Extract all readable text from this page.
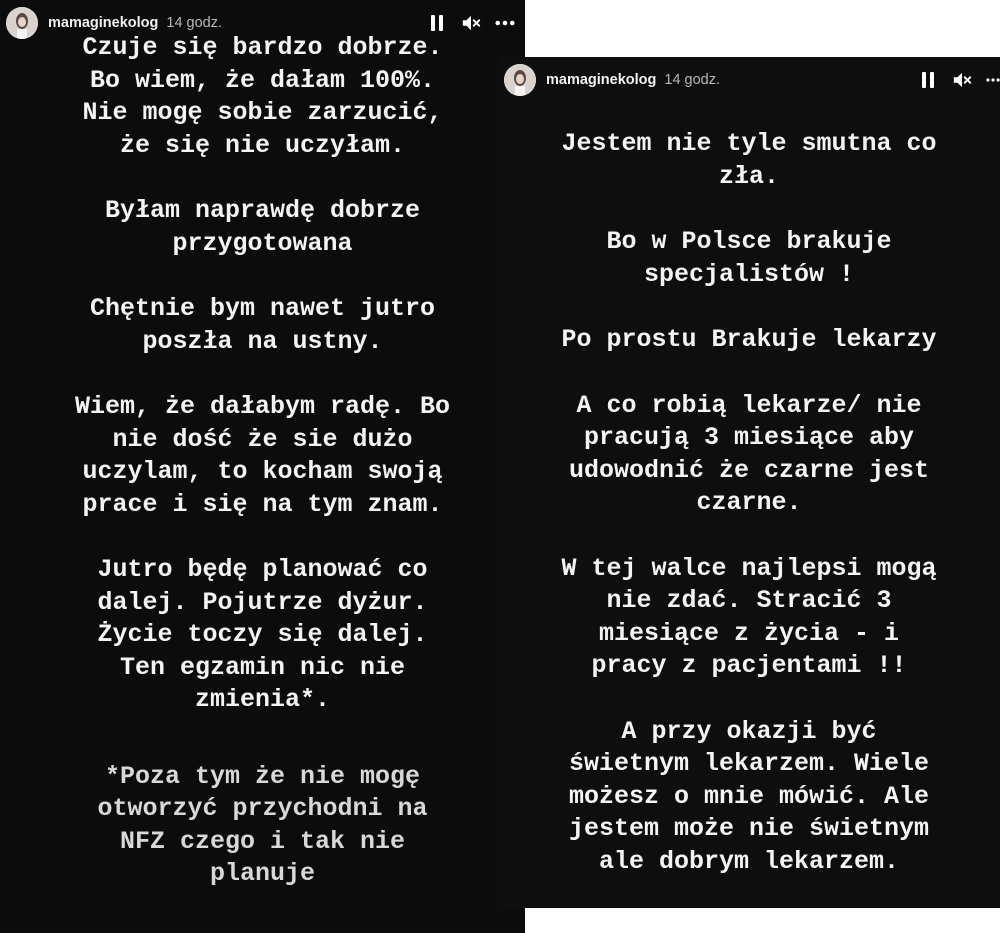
mamaginekolog 14 godz.
Czuje się bardzo dobrze.
Bo wiem, że dałam 100%.
Nie mogę sobie zarzucić,
że się nie uczyłam.
Byłam naprawdę dobrze
przygotowana
Chętnie bym nawet jutro
poszła na ustny.
Wiem, że dałabym radę. Bo
nie dość że sie dużo
uczylam, to kocham swoją
prace i się na tym znam.
Jutro będę planować co
dalej. Pojutrze dyżur.
Życie toczy się dalej.
Ten egzamin nic nie
zmienia*.
*Poza tym że nie mogę
otworzyć przychodni na
NFZ czego i tak nie
planuje
mamaginekolog 14 godz.
Jestem nie tyle smutna co
zła.
Bo w Polsce brakuje
specjalistów !
Po prostu Brakuje lekarzy
A co robią lekarze/ nie
pracują 3 miesiące aby
udowodnić że czarne jest
czarne.
W tej walce najlepsi mogą
nie zdać. Stracić 3
miesiące z życia - i
pracy z pacjentami !!
A przy okazji być
świetnym lekarzem. Wiele
możesz o mnie mówić. Ale
jestem może nie świetnym
ale dobrym lekarzem.
